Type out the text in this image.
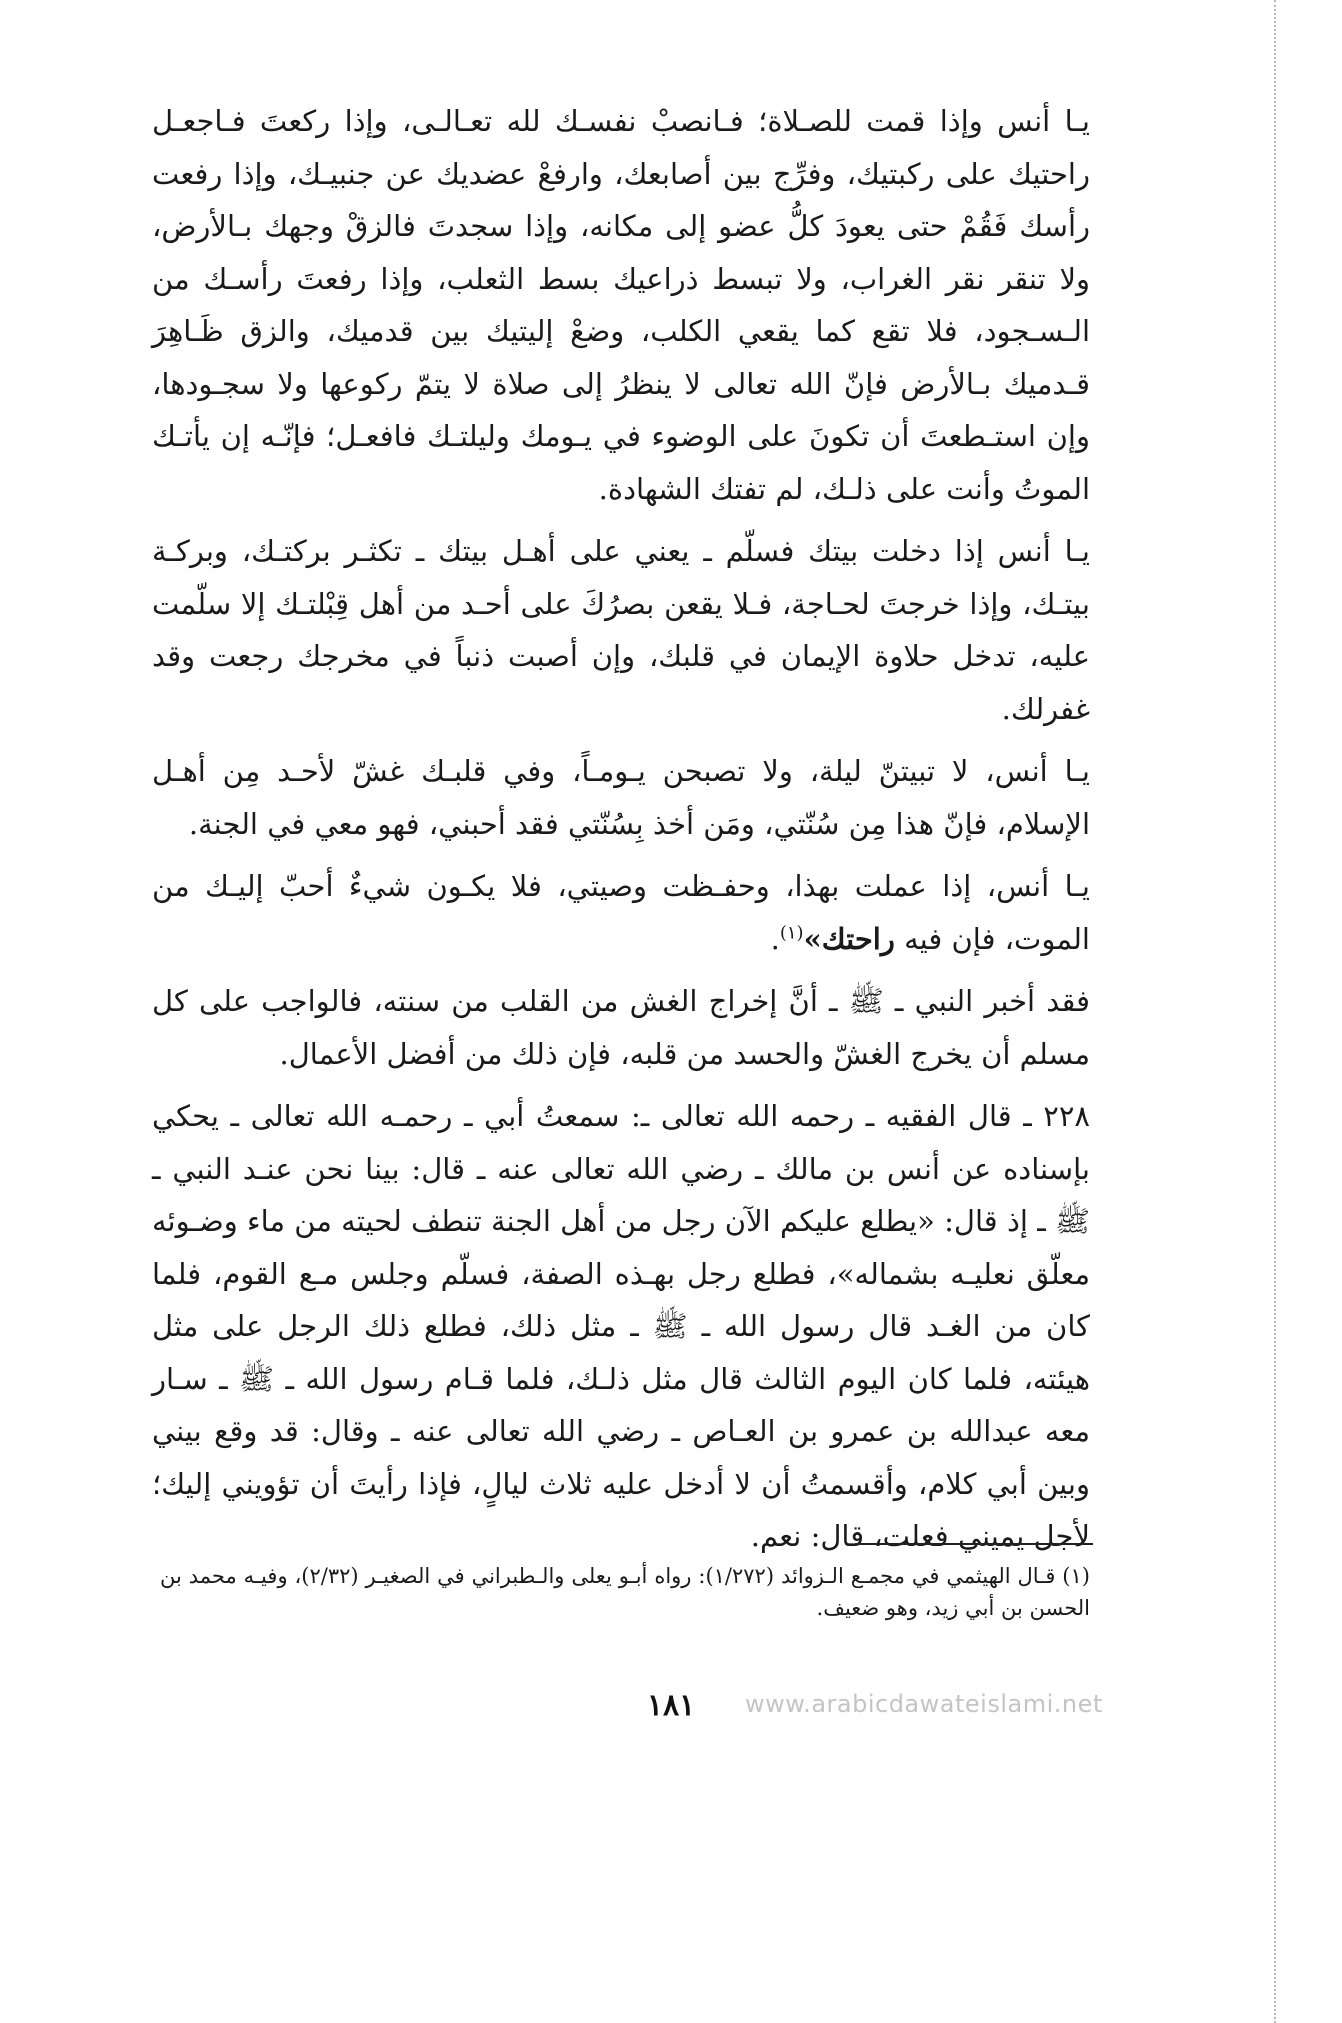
يـا أنس وإذا قمت للصـلاة؛ فـانصبْ نفسـك لله تعـالـى، وإذا ركعتَ فـاجعـل راحتيك على ركبتيك، وفرِّج بين أصابعك، وارفعْ عضديك عن جنبيـك، وإذا رفعت رأسك فَقُمْ حتى يعودَ كلُّ عضو إلى مكانه، وإذا سجدتَ فالزقْ وجهك بـالأرض، ولا تنقر نقر الغراب، ولا تبسط ذراعيك بسط الثعلب، وإذا رفعتَ رأسـك من الـسـجود، فلا تقع كما يقعي الكلب، وضعْ إليتيك بين قدميك، والزق ظَـاهِرَ قـدميك بـالأرض فإنّ الله تعالى لا ينظرُ إلى صلاة لا يتمّ ركوعها ولا سجـودها، وإن استـطعتَ أن تكونَ على الوضوء في يـومك وليلتـك فافعـل؛ فإنّـه إن يأتـك الموتُ وأنت على ذلـك، لم تفتك الشهادة.

يـا أنس إذا دخلت بيتك فسلّم ـ يعني على أهـل بيتك ـ تكثـر بركتـك، وبركـة بيتـك، وإذا خرجتَ لحـاجة، فـلا يقعن بصرُكَ على أحـد من أهل قِبْلتـك إلا سلّمت عليه، تدخل حلاوة الإيمان في قلبك، وإن أصبت ذنباً في مخرجك رجعت وقد غفرلك.

يـا أنس، لا تبيتنّ ليلة، ولا تصبحن يـومـاً، وفي قلبـك غشّ لأحـد مِن أهـل الإسلام، فإنّ هذا مِن سُنّتي، ومَن أخذ بِسُنّتي فقد أحبني، فهو معي في الجنة.

يـا أنس، إذا عملت بهذا، وحفـظت وصيتي، فلا يكـون شيءٌ أحبّ إليـك من الموت، فإن فيه راحتك»$^{(١)}$.

فقد أخبر النبي ـ ﷺ ـ أنَّ إخراج الغش من القلب من سنته، فالواجب على كل مسلم أن يخرج الغشّ والحسد من قلبه، فإن ذلك من أفضل الأعمال.

٢٢٨ ـ قال الفقيه ـ رحمه الله تعالى ـ: سمعتُ أبي ـ رحمـه الله تعالى ـ يحكي بإسناده عن أنس بن مالك ـ رضي الله تعالى عنه ـ قال: بينا نحن عنـد النبي ـ ﷺ ـ إذ قال: «يطلع عليكم الآن رجل من أهل الجنة تنطف لحيته من ماء وضـوئه معلّق نعليـه بشماله»، فطلع رجل بهـذه الصفة، فسلّم وجلس مـع القوم، فلما كان من الغـد قال رسول الله ـ ﷺ ـ مثل ذلك، فطلع ذلك الرجل على مثل هيئته، فلما كان اليوم الثالث قال مثل ذلـك، فلما قـام رسول الله ـ ﷺ ـ سـار معه عبدالله بن عمرو بن العـاص ـ رضي الله تعالى عنه ـ وقال: قد وقع بيني وبين أبي كلام، وأقسمتُ أن لا أدخل عليه ثلاث ليالٍ، فإذا رأيتَ أن تؤويني إليك؛ لأجل يميني فعلت، قال: نعم.

(١) قـال الهيثمي في مجمـع الـزوائد (١/٢٧٢): رواه أبـو يعلى والـطبراني في الصغيـر (٢/٣٢)، وفيـه محمد بن الحسن بن أبي زيد، وهو ضعيف.

١٨١	www.arabicdawateislami.net
